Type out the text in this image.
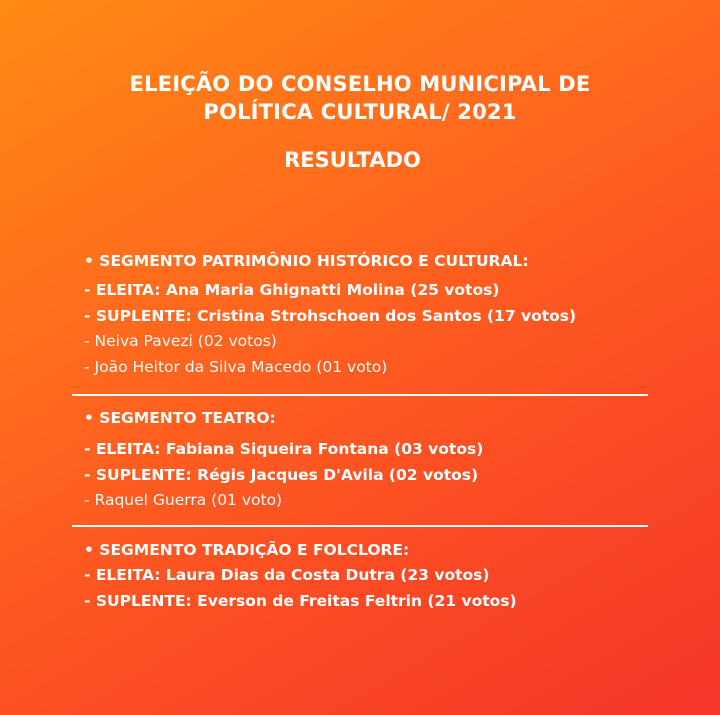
ELEIÇÃO DO CONSELHO MUNICIPAL DE
POLÍTICA CULTURAL/ 2021
RESULTADO
• SEGMENTO PATRIMÔNIO HISTÓRICO E CULTURAL:
- ELEITA: Ana Maria Ghignatti Molina (25 votos)
- SUPLENTE: Cristina Strohschoen dos Santos (17 votos)
- Neiva Pavezi (02 votos)
- João Heitor da Silva Macedo (01 voto)
• SEGMENTO TEATRO:
- ELEITA: Fabiana Siqueira Fontana (03 votos)
- SUPLENTE: Régis Jacques D'Avila (02 votos)
- Raquel Guerra (01 voto)
• SEGMENTO TRADIÇÃO E FOLCLORE:
- ELEITA: Laura Dias da Costa Dutra (23 votos)
- SUPLENTE: Everson de Freitas Feltrin (21 votos)
